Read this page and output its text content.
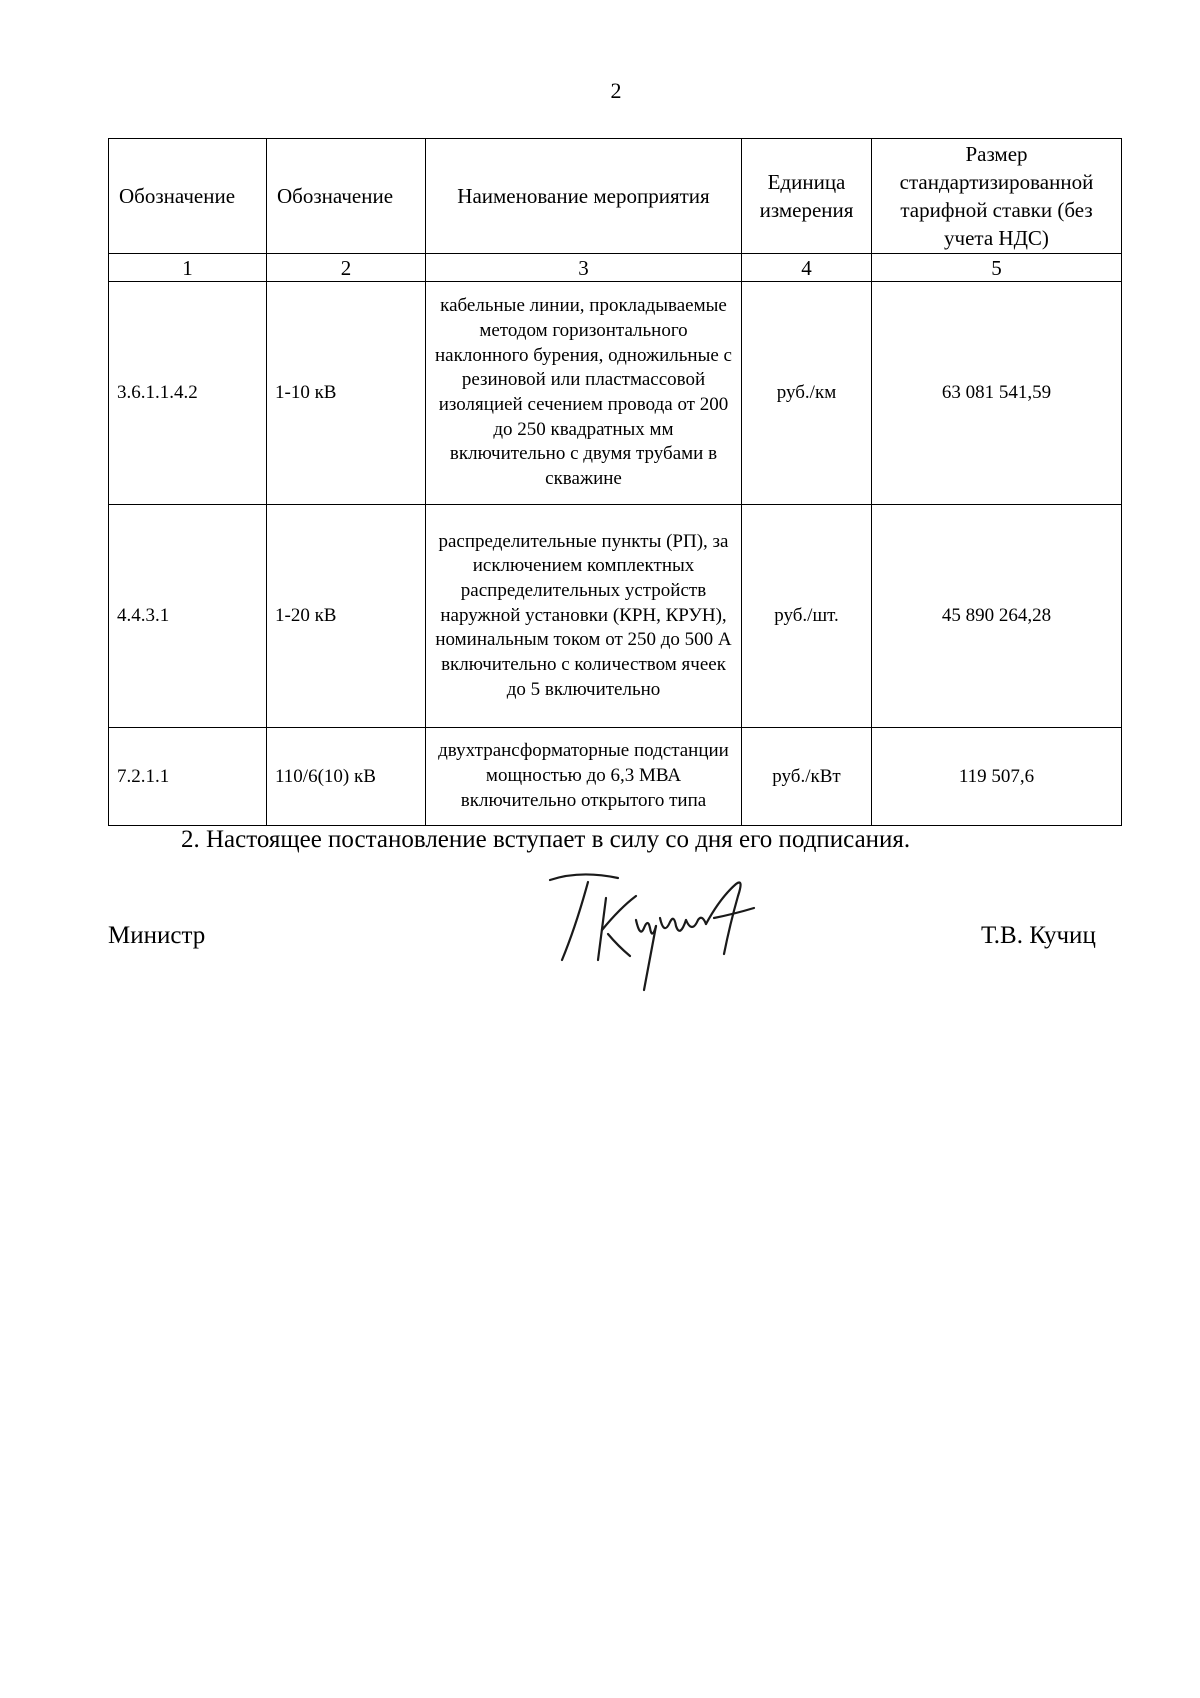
2
Обозначение	Обозначение	Наименование мероприятия	Единица измерения	Размер стандартизированной тарифной ставки (без учета НДС)
1	2	3	4	5
3.6.1.1.4.2	1-10 кВ	кабельные линии, прокладываемые методом горизонтального наклонного бурения, одножильные с резиновой или пластмассовой изоляцией сечением провода от 200 до 250 квадратных мм включительно с двумя трубами в скважине	руб./км	63 081 541,59
4.4.3.1	1-20 кВ	распределительные пункты (РП), за исключением комплектных распределительных устройств наружной установки (КРН, КРУН), номинальным током от 250 до 500 А включительно с количеством ячеек до 5 включительно	руб./шт.	45 890 264,28
7.2.1.1	110/6(10) кВ	двухтрансформаторные подстанции мощностью до 6,3 МВА включительно открытого типа	руб./кВт	119 507,6
2. Настоящее постановление вступает в силу со дня его подписания.
Министр	Т.В. Кучиц
